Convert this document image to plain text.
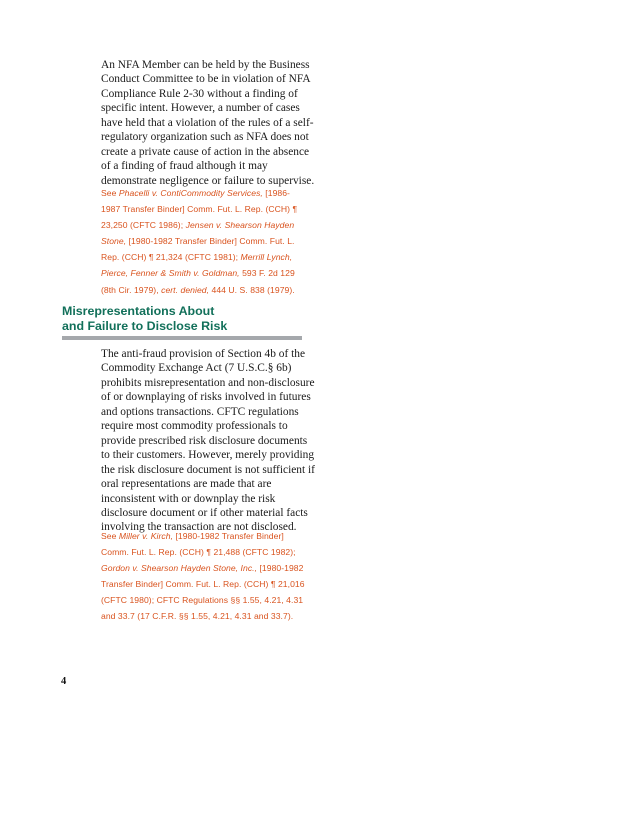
An NFA Member can be held by the Business Conduct Committee to be in violation of NFA Compliance Rule 2-30 without a finding of specific intent. However, a number of cases have held that a violation of the rules of a self-regulatory organization such as NFA does not create a private cause of action in the absence of a finding of fraud although it may demonstrate negligence or failure to supervise.

See Phacelli v. ContiCommodity Services, [1986-1987 Transfer Binder] Comm. Fut. L. Rep. (CCH) ¶ 23,250 (CFTC 1986); Jensen v. Shearson Hayden Stone, [1980-1982 Transfer Binder] Comm. Fut. L. Rep. (CCH) ¶ 21,324 (CFTC 1981); Merrill Lynch, Pierce, Fenner & Smith v. Goldman, 593 F. 2d 129 (8th Cir. 1979), cert. denied, 444 U. S. 838 (1979).

Misrepresentations About
and Failure to Disclose Risk

The anti-fraud provision of Section 4b of the Commodity Exchange Act (7 U.S.C.§ 6b) prohibits misrepresentation and non-disclosure of or downplaying of risks involved in futures and options transactions. CFTC regulations require most commodity professionals to provide prescribed risk disclosure documents to their customers. However, merely providing the risk disclosure document is not sufficient if oral representations are made that are inconsistent with or downplay the risk disclosure document or if other material facts involving the transaction are not disclosed.

See Miller v. Kirch, [1980-1982 Transfer Binder] Comm. Fut. L. Rep. (CCH) ¶ 21,488 (CFTC 1982); Gordon v. Shearson Hayden Stone, Inc., [1980-1982 Transfer Binder] Comm. Fut. L. Rep. (CCH) ¶ 21,016 (CFTC 1980); CFTC Regulations §§ 1.55, 4.21, 4.31 and 33.7 (17 C.F.R. §§ 1.55, 4.21, 4.31 and 33.7).

4
